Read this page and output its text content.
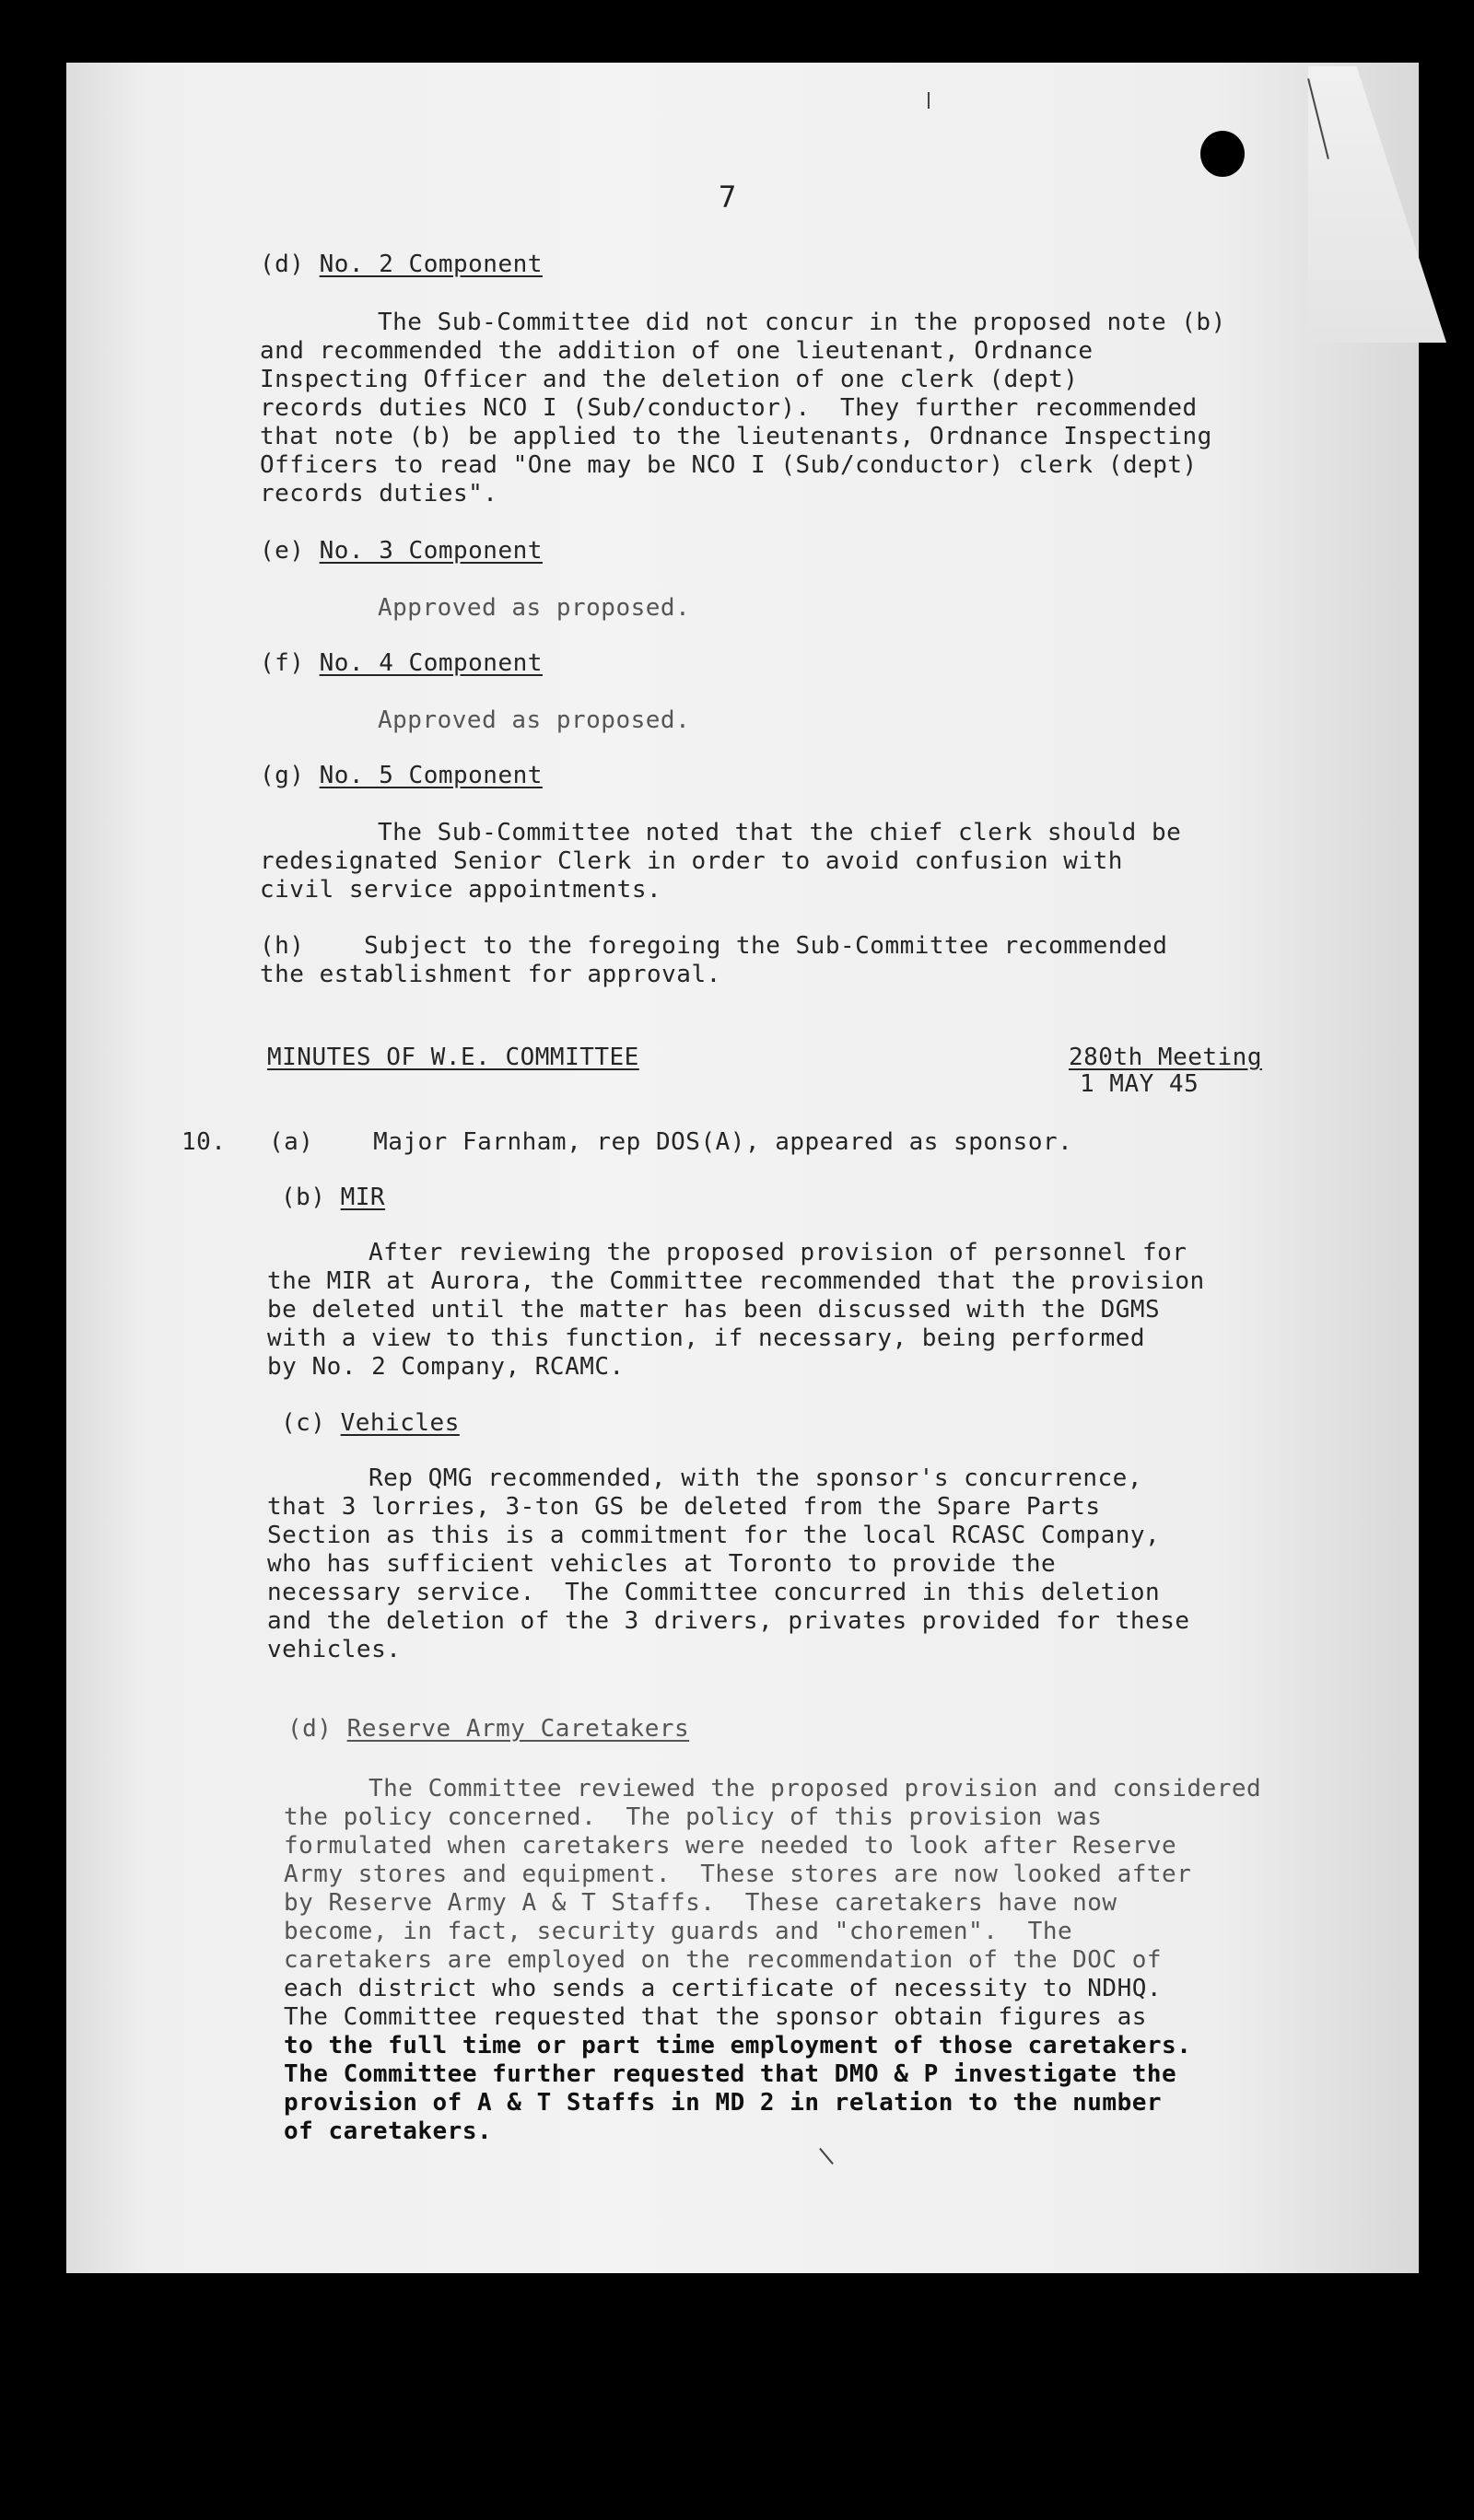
7
(d) No. 2 Component
The Sub-Committee did not concur in the proposed note (b)
and recommended the addition of one lieutenant, Ordnance
Inspecting Officer and the deletion of one clerk (dept)
records duties NCO I (Sub/conductor).  They further recommended
that note (b) be applied to the lieutenants, Ordnance Inspecting
Officers to read "One may be NCO I (Sub/conductor) clerk (dept)
records duties".
(e) No. 3 Component
Approved as proposed.
(f) No. 4 Component
Approved as proposed.
(g) No. 5 Component
The Sub-Committee noted that the chief clerk should be
redesignated Senior Clerk in order to avoid confusion with
civil service appointments.
(h)    Subject to the foregoing the Sub-Committee recommended
the establishment for approval.
MINUTES OF W.E. COMMITTEE	280th Meeting
1 MAY 45
10. (a)    Major Farnham, rep DOS(A), appeared as sponsor.
(b) MIR
After reviewing the proposed provision of personnel for
the MIR at Aurora, the Committee recommended that the provision
be deleted until the matter has been discussed with the DGMS
with a view to this function, if necessary, being performed
by No. 2 Company, RCAMC.
(c) Vehicles
Rep QMG recommended, with the sponsor's concurrence,
that 3 lorries, 3-ton GS be deleted from the Spare Parts
Section as this is a commitment for the local RCASC Company,
who has sufficient vehicles at Toronto to provide the
necessary service.  The Committee concurred in this deletion
and the deletion of the 3 drivers, privates provided for these
vehicles.
(d) Reserve Army Caretakers
The Committee reviewed the proposed provision and considered
the policy concerned.  The policy of this provision was
formulated when caretakers were needed to look after Reserve
Army stores and equipment.  These stores are now looked after
by Reserve Army A & T Staffs.  These caretakers have now
become, in fact, security guards and "choremen".  The
caretakers are employed on the recommendation of the DOC of
each district who sends a certificate of necessity to NDHQ.
The Committee requested that the sponsor obtain figures as
to the full time or part time employment of those caretakers.
The Committee further requested that DMO & P investigate the
provision of A & T Staffs in MD 2 in relation to the number
of caretakers.
